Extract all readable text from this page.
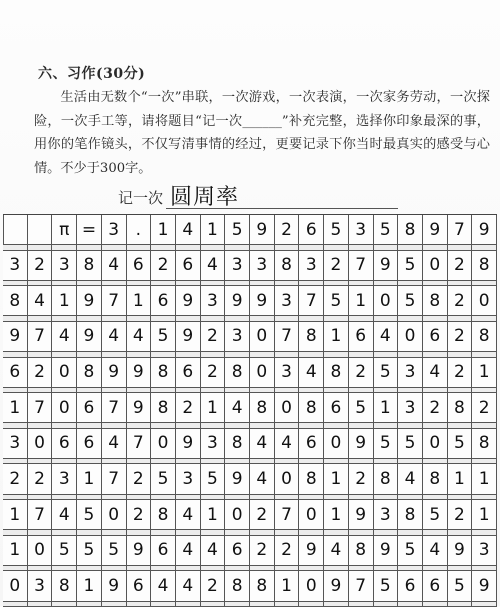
六、习作(30分)
生活由无数个“一次”串联，一次游戏，一次表演，一次家务劳动，一次探险，一次手工等，请将题目“记一次______”补充完整，选择你印象最深的事，用你的笔作镜头，不仅写清事情的经过，更要记录下你当时最真实的感受与心情。不少于300字。
记一次 圆周率
π = 3 . 1 4 1 5 9 2 6 5 3 5 8 9 7 9
3 2 3 8 4 6 2 6 4 3 3 8 3 2 7 9 5 0 2 8
8 4 1 9 7 1 6 9 3 9 9 3 7 5 1 0 5 8 2 0
9 7 4 9 4 4 5 9 2 3 0 7 8 1 6 4 0 6 2 8
6 2 0 8 9 9 8 6 2 8 0 3 4 8 2 5 3 4 2 1
1 7 0 6 7 9 8 2 1 4 8 0 8 6 5 1 3 2 8 2
3 0 6 6 4 7 0 9 3 8 4 4 6 0 9 5 5 0 5 8
2 2 3 1 7 2 5 3 5 9 4 0 8 1 2 8 4 8 1 1
1 7 4 5 0 2 8 4 1 0 2 7 0 1 9 3 8 5 2 1
1 0 5 5 5 9 6 4 4 6 2 2 9 4 8 9 5 4 9 3
0 3 8 1 9 6 4 4 2 8 8 1 0 9 7 5 6 6 5 9
